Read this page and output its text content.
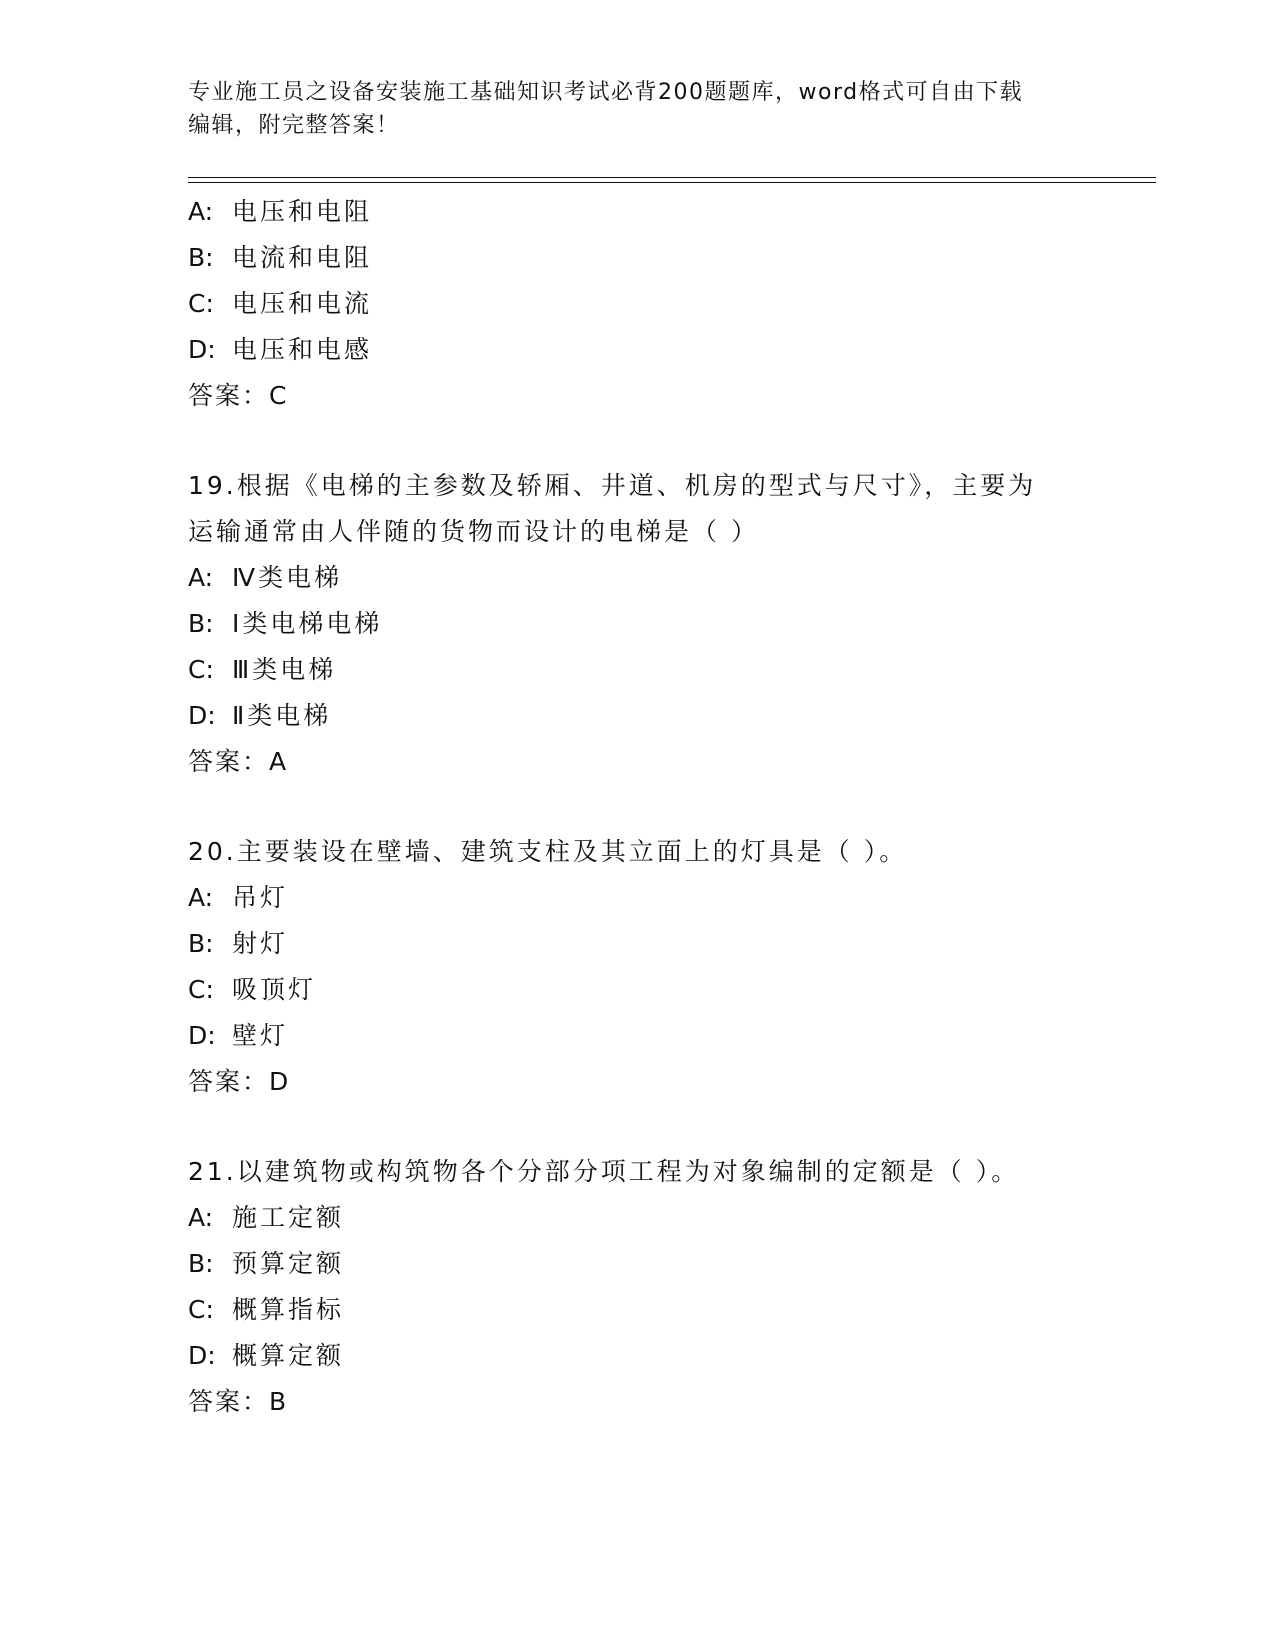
专业施工员之设备安装施工基础知识考试必背200题题库，word格式可自由下载
编辑，附完整答案！
A: 电压和电阻
B: 电流和电阻
C: 电压和电流
D: 电压和电感
答案：C
19.根据《电梯的主参数及轿厢、井道、机房的型式与尺寸》，主要为
运输通常由人伴随的货物而设计的电梯是（ ）
A: Ⅳ类电梯
B: Ⅰ类电梯电梯
C: Ⅲ类电梯
D: Ⅱ类电梯
答案：A
20.主要装设在壁墙、建筑支柱及其立面上的灯具是（ ）。
A: 吊灯
B: 射灯
C: 吸顶灯
D: 壁灯
答案：D
21.以建筑物或构筑物各个分部分项工程为对象编制的定额是（ ）。
A: 施工定额
B: 预算定额
C: 概算指标
D: 概算定额
答案：B
